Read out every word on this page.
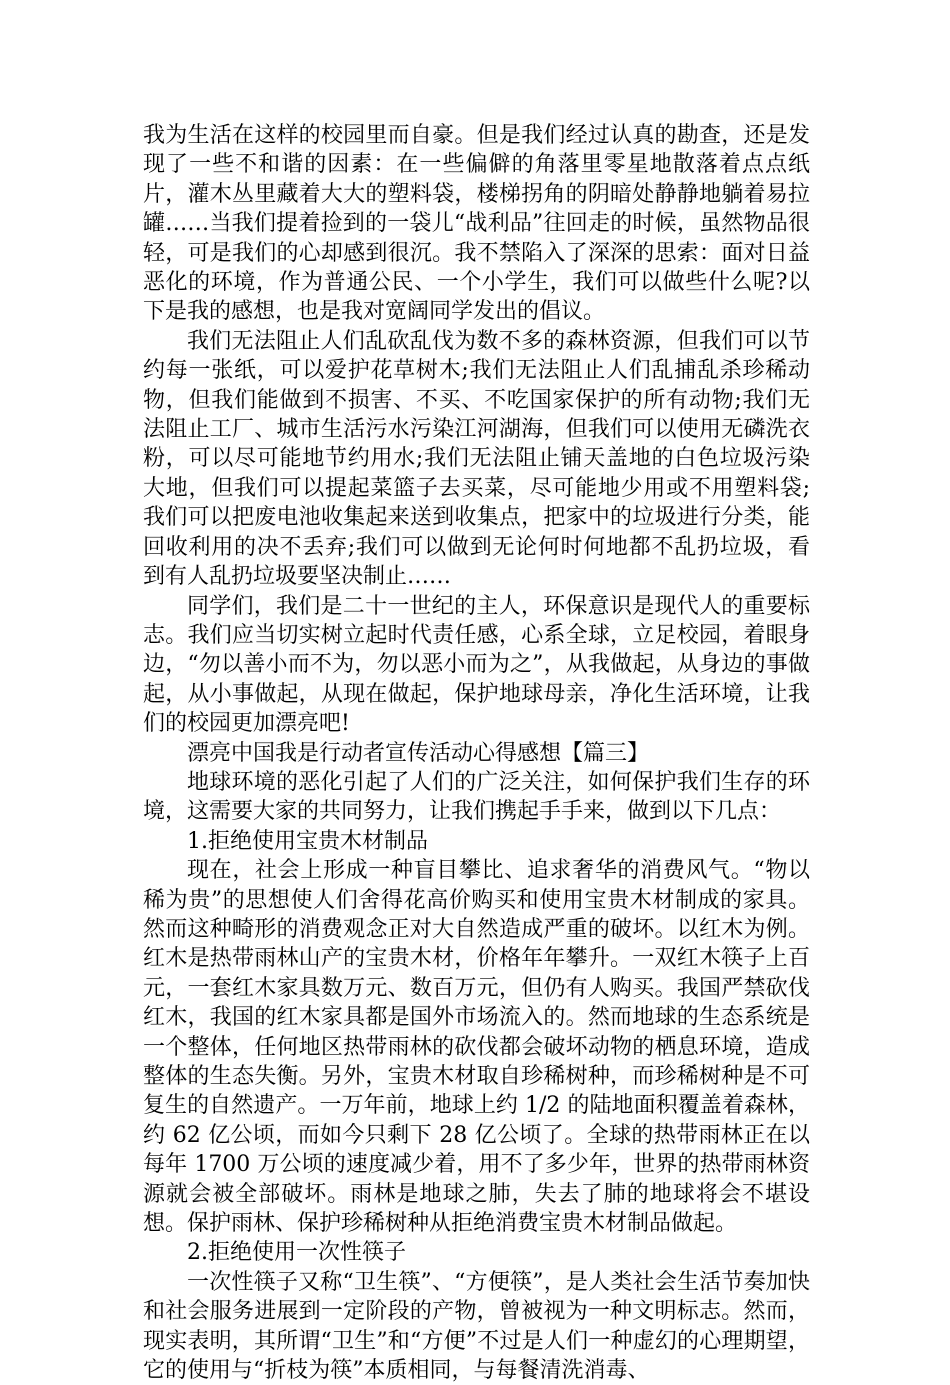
我为生活在这样的校园里而自豪。但是我们经过认真的勘查，还是发现了一些不和谐的因素：在一些偏僻的角落里零星地散落着点点纸片，灌木丛里藏着大大的塑料袋，楼梯拐角的阴暗处静静地躺着易拉罐……当我们提着捡到的一袋儿“战利品”往回走的时候，虽然物品很轻，可是我们的心却感到很沉。我不禁陷入了深深的思索：面对日益恶化的环境，作为普通公民、一个小学生，我们可以做些什么呢?以下是我的感想，也是我对宽阔同学发出的倡议。

我们无法阻止人们乱砍乱伐为数不多的森林资源，但我们可以节约每一张纸，可以爱护花草树木;我们无法阻止人们乱捕乱杀珍稀动物，但我们能做到不损害、不买、不吃国家保护的所有动物;我们无法阻止工厂、城市生活污水污染江河湖海，但我们可以使用无磷洗衣粉，可以尽可能地节约用水;我们无法阻止铺天盖地的白色垃圾污染大地，但我们可以提起菜篮子去买菜，尽可能地少用或不用塑料袋;我们可以把废电池收集起来送到收集点，把家中的垃圾进行分类，能回收利用的决不丢弃;我们可以做到无论何时何地都不乱扔垃圾，看到有人乱扔垃圾要坚决制止……

同学们，我们是二十一世纪的主人，环保意识是现代人的重要标志。我们应当切实树立起时代责任感，心系全球，立足校园，着眼身边，“勿以善小而不为，勿以恶小而为之”，从我做起，从身边的事做起，从小事做起，从现在做起，保护地球母亲，净化生活环境，让我们的校园更加漂亮吧!

漂亮中国我是行动者宣传活动心得感想【篇三】

地球环境的恶化引起了人们的广泛关注，如何保护我们生存的环境，这需要大家的共同努力，让我们携起手手来，做到以下几点：

1.拒绝使用宝贵木材制品

现在，社会上形成一种盲目攀比、追求奢华的消费风气。“物以稀为贵”的思想使人们舍得花高价购买和使用宝贵木材制成的家具。然而这种畸形的消费观念正对大自然造成严重的破坏。以红木为例。红木是热带雨林山产的宝贵木材，价格年年攀升。一双红木筷子上百元，一套红木家具数万元、数百万元，但仍有人购买。我国严禁砍伐红木，我国的红木家具都是国外市场流入的。然而地球的生态系统是一个整体，任何地区热带雨林的砍伐都会破坏动物的栖息环境，造成整体的生态失衡。另外，宝贵木材取自珍稀树种，而珍稀树种是不可复生的自然遗产。一万年前，地球上约 1/2 的陆地面积覆盖着森林，约 62 亿公顷，而如今只剩下 28 亿公顷了。全球的热带雨林正在以每年 1700 万公顷的速度减少着，用不了多少年，世界的热带雨林资源就会被全部破坏。雨林是地球之肺，失去了肺的地球将会不堪设想。保护雨林、保护珍稀树种从拒绝消费宝贵木材制品做起。

2.拒绝使用一次性筷子

一次性筷子又称“卫生筷”、“方便筷”，是人类社会生活节奏加快和社会服务进展到一定阶段的产物，曾被视为一种文明标志。然而，现实表明，其所谓“卫生”和“方便”不过是人们一种虚幻的心理期望，它的使用与“折枝为筷”本质相同，与每餐清洗消毒、
